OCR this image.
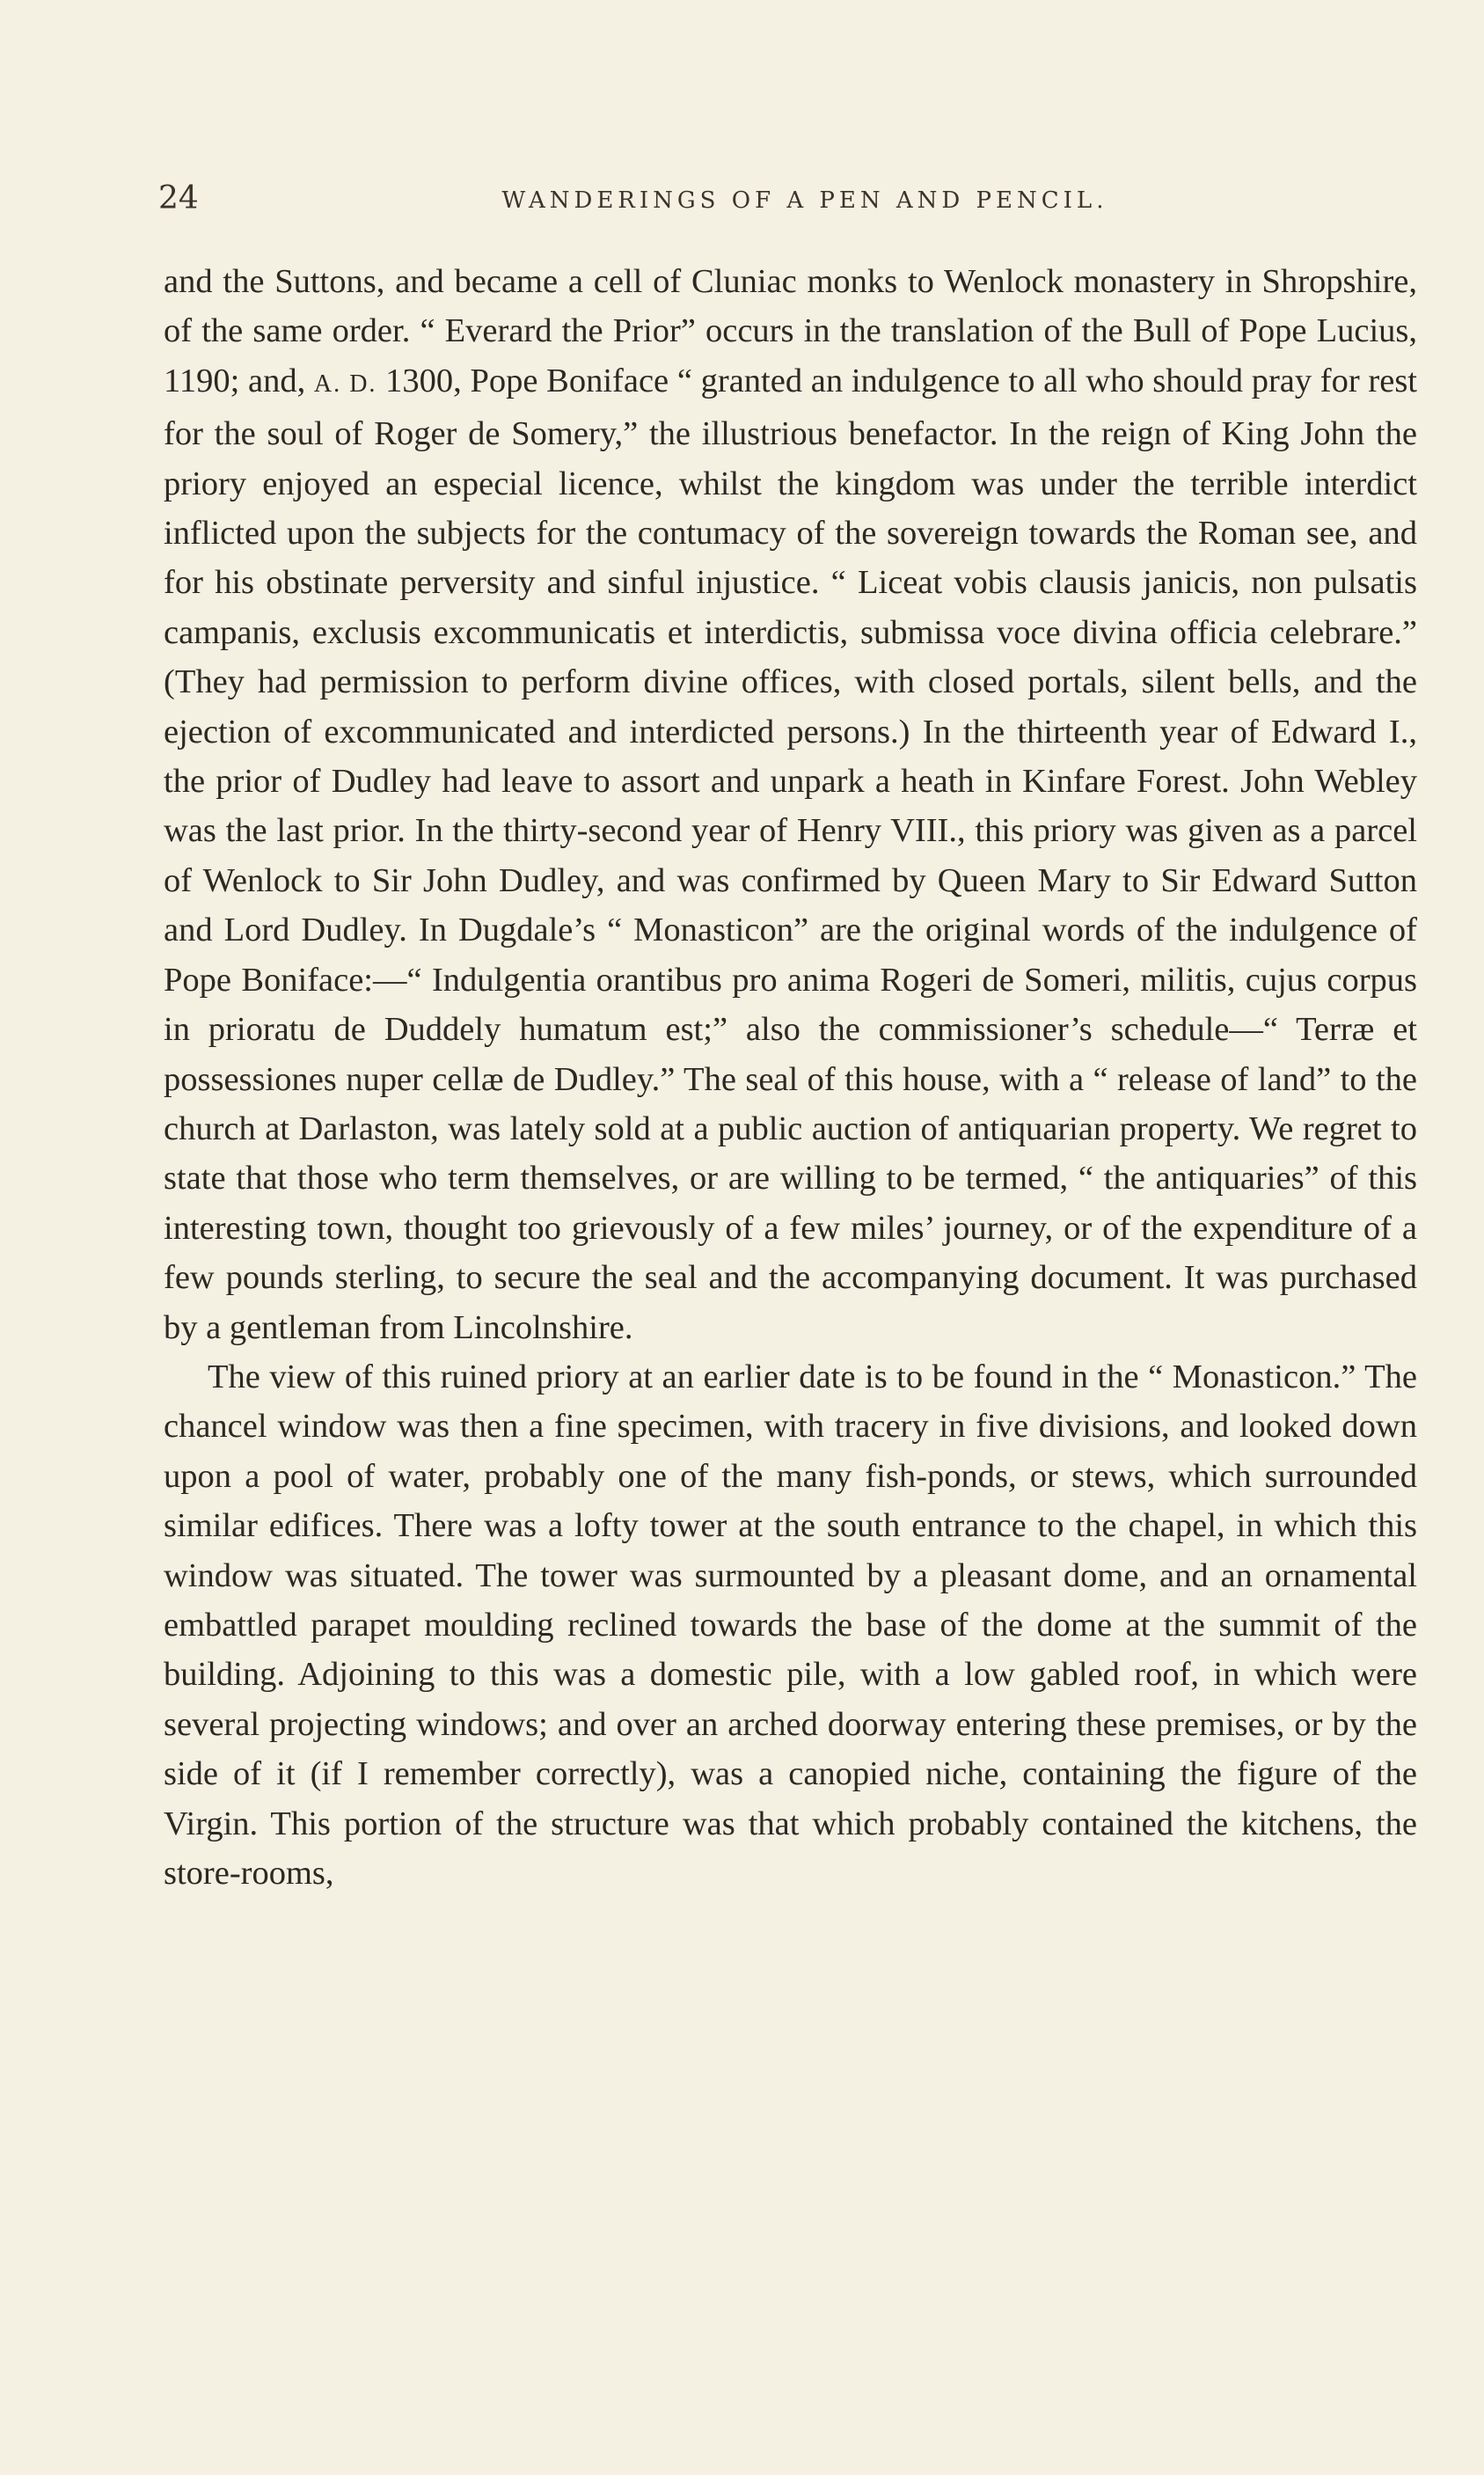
24	WANDERINGS OF A PEN AND PENCIL.

and the Suttons, and became a cell of Cluniac monks to Wenlock monastery in Shropshire, of the same order. “ Everard the Prior” occurs in the translation of the Bull of Pope Lucius, 1190; and, A. D. 1300, Pope Boniface “ granted an indulgence to all who should pray for rest for the soul of Roger de Somery,” the illustrious benefactor. In the reign of King John the priory enjoyed an especial licence, whilst the kingdom was under the terrible interdict inflicted upon the subjects for the contumacy of the sovereign towards the Roman see, and for his obstinate perversity and sinful injustice. “ Liceat vobis clausis janicis, non pulsatis campanis, exclusis excommunicatis et interdictis, submissa voce divina officia celebrare.” (They had permission to perform divine offices, with closed portals, silent bells, and the ejection of excommunicated and interdicted persons.) In the thirteenth year of Edward I., the prior of Dudley had leave to assort and unpark a heath in Kinfare Forest. John Webley was the last prior. In the thirty-second year of Henry VIII., this priory was given as a parcel of Wenlock to Sir John Dudley, and was confirmed by Queen Mary to Sir Edward Sutton and Lord Dudley. In Dugdale’s “ Monasticon” are the original words of the indulgence of Pope Boniface:—“ Indulgentia orantibus pro anima Rogeri de Someri, militis, cujus corpus in prioratu de Duddely humatum est;” also the commissioner’s schedule—“ Terræ et possessiones nuper cellæ de Dudley.” The seal of this house, with a “ release of land” to the church at Darlaston, was lately sold at a public auction of antiquarian property. We regret to state that those who term themselves, or are willing to be termed, “ the antiquaries” of this interesting town, thought too grievously of a few miles’ journey, or of the expenditure of a few pounds sterling, to secure the seal and the accompanying document. It was purchased by a gentleman from Lincolnshire.

The view of this ruined priory at an earlier date is to be found in the “ Monasticon.” The chancel window was then a fine specimen, with tracery in five divisions, and looked down upon a pool of water, probably one of the many fish-ponds, or stews, which surrounded similar edifices. There was a lofty tower at the south entrance to the chapel, in which this window was situated. The tower was surmounted by a pleasant dome, and an ornamental embattled parapet moulding reclined towards the base of the dome at the summit of the building. Adjoining to this was a domestic pile, with a low gabled roof, in which were several projecting windows; and over an arched doorway entering these premises, or by the side of it (if I remember correctly), was a canopied niche, containing the figure of the Virgin. This portion of the structure was that which probably contained the kitchens, the store-rooms,
